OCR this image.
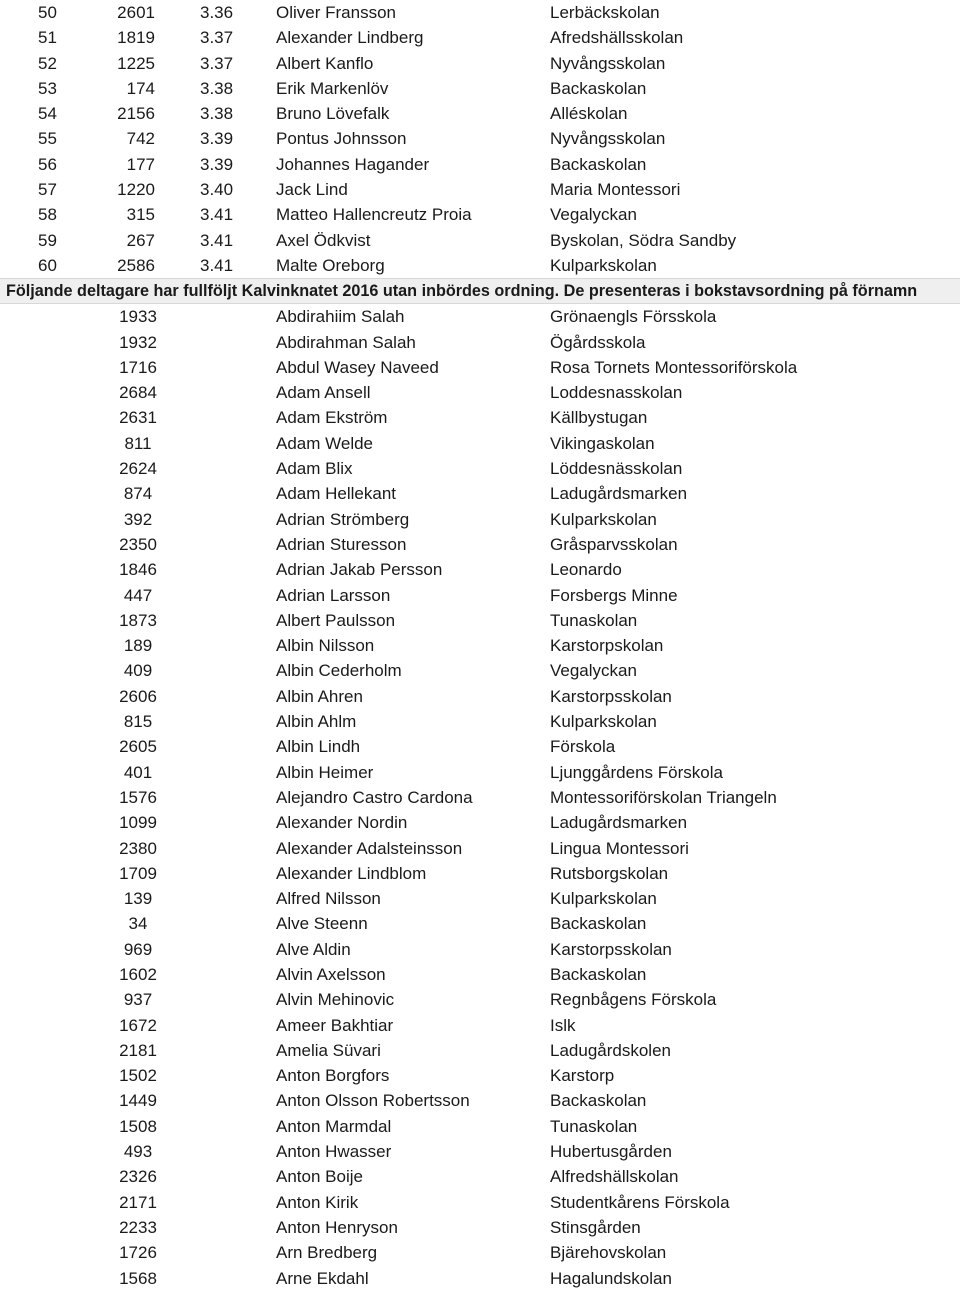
50	2601	3.36	Oliver Fransson	Lerbäckskolan
51	1819	3.37	Alexander Lindberg	Afredshällsskolan
52	1225	3.37	Albert Kanflo	Nyvångsskolan
53	174	3.38	Erik Markenlöv	Backaskolan
54	2156	3.38	Bruno Lövefalk	Alléskolan
55	742	3.39	Pontus Johnsson	Nyvångsskolan
56	177	3.39	Johannes Hagander	Backaskolan
57	1220	3.40	Jack Lind	Maria Montessori
58	315	3.41	Matteo Hallencreutz Proia	Vegalyckan
59	267	3.41	Axel Ödkvist	Byskolan, Södra Sandby
60	2586	3.41	Malte Oreborg	Kulparkskolan
Följande deltagare har fullföljt Kalvinknatet 2016 utan inbördes ordning. De presenteras i bokstavsordning på förnamn
1933	Abdirahiim Salah	Grönaengls Försskola
1932	Abdirahman Salah	Ögårdsskola
1716	Abdul Wasey Naveed	Rosa Tornets Montessoriförskola
2684	Adam Ansell	Loddesnasskolan
2631	Adam Ekström	Källbystugan
811	Adam Welde	Vikingaskolan
2624	Adam Blix	Löddesnässkolan
874	Adam Hellekant	Ladugårdsmarken
392	Adrian Strömberg	Kulparkskolan
2350	Adrian Sturesson	Gråsparvsskolan
1846	Adrian Jakab Persson	Leonardo
447	Adrian Larsson	Forsbergs Minne
1873	Albert Paulsson	Tunaskolan
189	Albin Nilsson	Karstorpskolan
409	Albin Cederholm	Vegalyckan
2606	Albin Ahren	Karstorpsskolan
815	Albin Ahlm	Kulparkskolan
2605	Albin Lindh	Förskola
401	Albin Heimer	Ljunggårdens Förskola
1576	Alejandro Castro Cardona	Montessoriförskolan Triangeln
1099	Alexander Nordin	Ladugårdsmarken
2380	Alexander Adalsteinsson	Lingua Montessori
1709	Alexander Lindblom	Rutsborgskolan
139	Alfred Nilsson	Kulparkskolan
34	Alve Steenn	Backaskolan
969	Alve Aldin	Karstorpsskolan
1602	Alvin Axelsson	Backaskolan
937	Alvin Mehinovic	Regnbågens Förskola
1672	Ameer Bakhtiar	Islk
2181	Amelia Süvari	Ladugårdskolen
1502	Anton Borgfors	Karstorp
1449	Anton Olsson Robertsson	Backaskolan
1508	Anton Marmdal	Tunaskolan
493	Anton Hwasser	Hubertusgården
2326	Anton Boije	Alfredshällskolan
2171	Anton Kirik	Studentkårens Förskola
2233	Anton Henryson	Stinsgården
1726	Arn Bredberg	Bjärehovskolan
1568	Arne Ekdahl	Hagalundskolan
